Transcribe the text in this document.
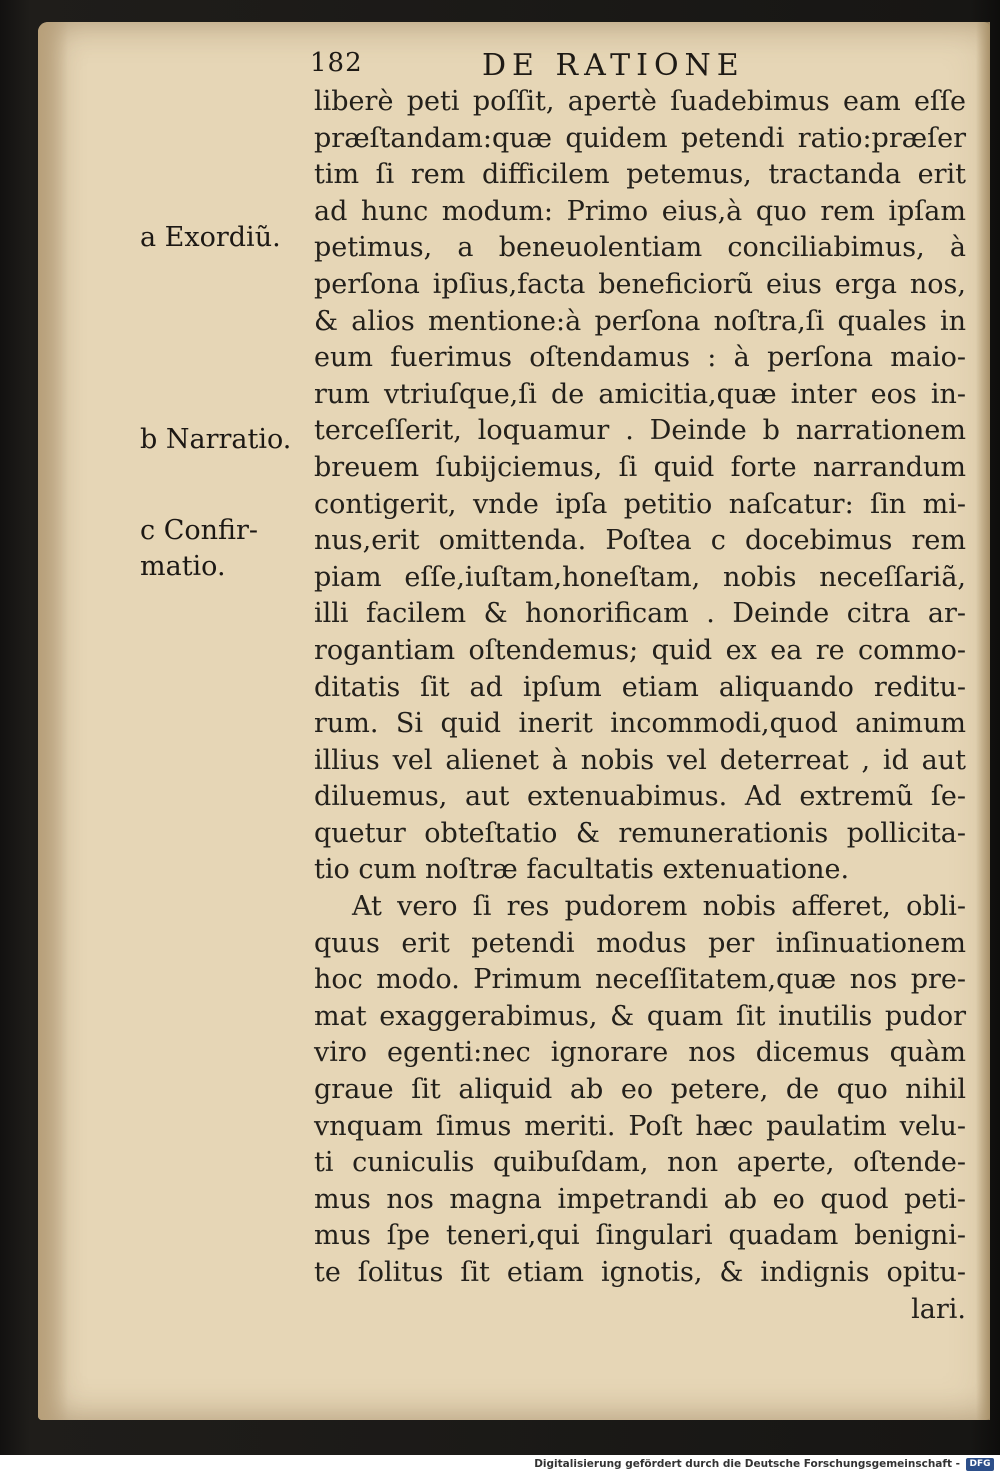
182	DE RATIONE
a Exordiũ.
b Narratio.
c Confir-
matio.
liberè peti poſſit, apertè ſuadebimus eam eſſe
præſtandam:quæ quidem petendi ratio:præſer
tim ſi rem difficilem petemus, tractanda erit
ad hunc modum: Primo eius,à quo rem ipſam
petimus, a beneuolentiam conciliabimus, à
perſona ipſius,facta beneficiorũ eius erga nos,
& alios mentione:à perſona noſtra,ſi quales in
eum fuerimus oſtendamus : à perſona maio-
rum vtriuſque,ſi de amicitia,quæ inter eos in-
terceſſerit, loquamur . Deinde b narrationem
breuem ſubijciemus, ſi quid forte narrandum
contigerit, vnde ipſa petitio naſcatur: ſin mi-
nus,erit omittenda. Poſtea c docebimus rem
piam eſſe,iuſtam,honeſtam, nobis neceſſariã,
illi facilem & honorificam . Deinde citra ar-
rogantiam oſtendemus; quid ex ea re commo-
ditatis ſit ad ipſum etiam aliquando reditu-
rum. Si quid inerit incommodi,quod animum
illius vel alienet à nobis vel deterreat , id aut
diluemus, aut extenuabimus. Ad extremũ ſe-
quetur obteſtatio & remunerationis pollicita-
tio cum noſtræ facultatis extenuatione.
At vero ſi res pudorem nobis afferet, obli-
quus erit petendi modus per inſinuationem
hoc modo. Primum neceſſitatem,quæ nos pre-
mat exaggerabimus, & quam ſit inutilis pudor
viro egenti:nec ignorare nos dicemus quàm
graue ſit aliquid ab eo petere, de quo nihil
vnquam ſimus meriti. Poſt hæc paulatim velu-
ti cuniculis quibuſdam, non aperte, oſtende-
mus nos magna impetrandi ab eo quod peti-
mus ſpe teneri,qui ſingulari quadam benigni-
te ſolitus ſit etiam ignotis, & indignis opitu-
lari.
Digitalisierung gefördert durch die Deutsche Forschungsgemeinschaft -	DFG
